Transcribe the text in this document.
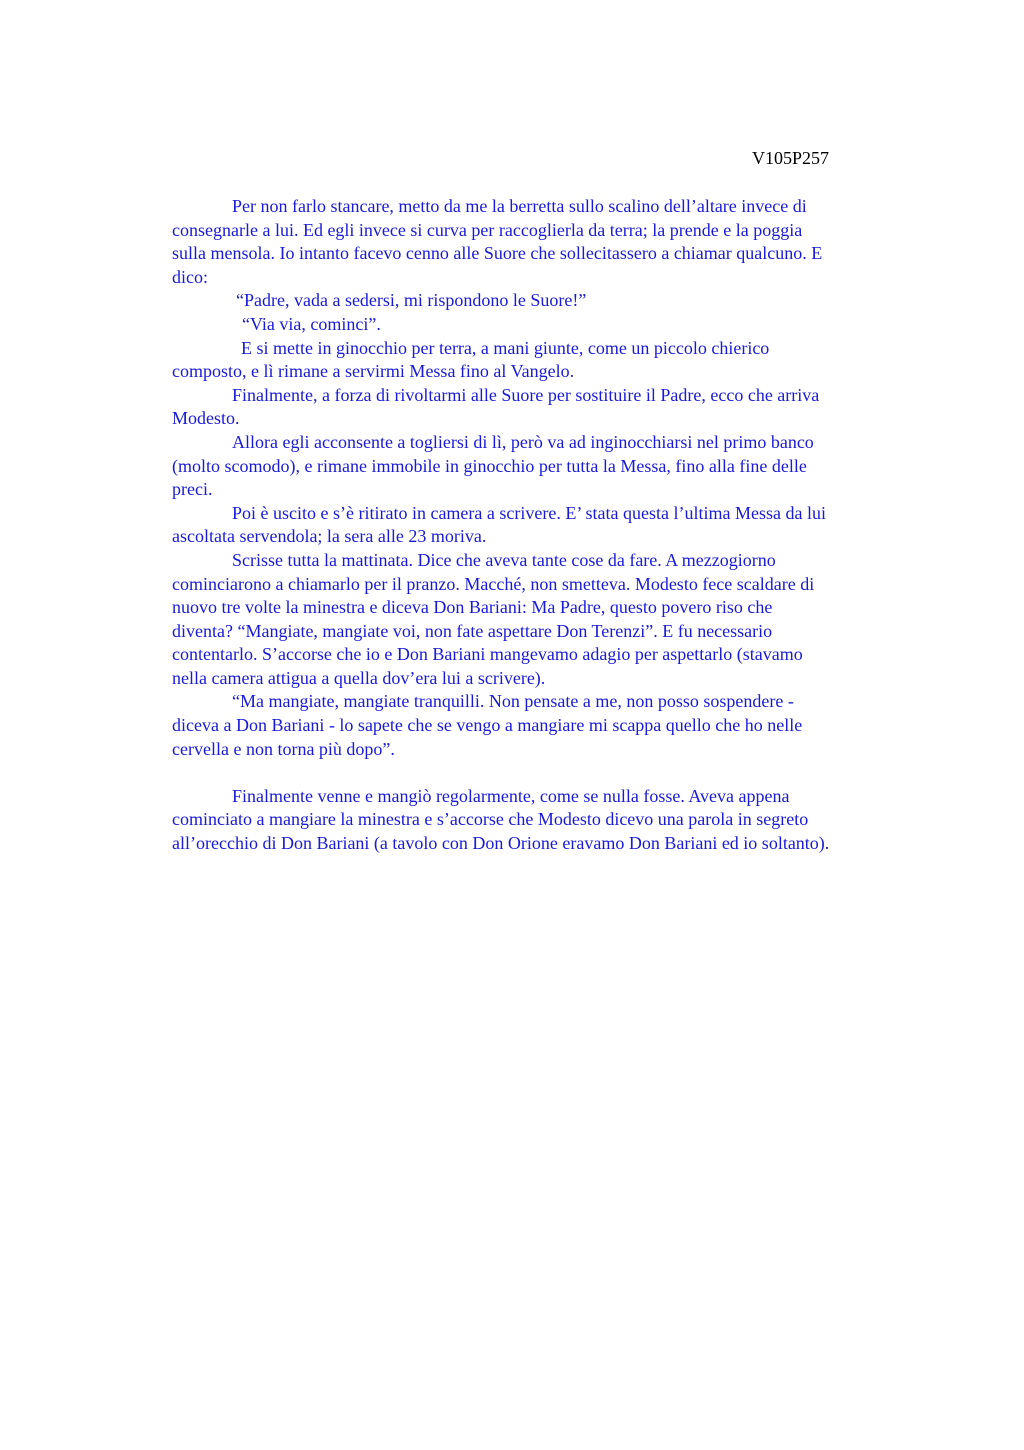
V105P257
Per non farlo stancare, metto da me la berretta sullo scalino dell’altare invece di
consegnarle a lui. Ed egli invece si curva per raccoglierla da terra; la prende e la poggia
sulla mensola. Io intanto facevo cenno alle Suore che sollecitassero a chiamar qualcuno. E
dico:
“Padre, vada a sedersi, mi rispondono le Suore!”
“Via via, cominci”.
E si mette in ginocchio per terra, a mani giunte, come un piccolo chierico
composto, e lì rimane a servirmi Messa fino al Vangelo.
Finalmente, a forza di rivoltarmi alle Suore per sostituire il Padre, ecco che arriva
Modesto.
Allora egli acconsente a togliersi di lì, però va ad inginocchiarsi nel primo banco
(molto scomodo), e rimane immobile in ginocchio per tutta la Messa, fino alla fine delle
preci.
Poi è uscito e s’è ritirato in camera a scrivere. E’ stata questa l’ultima Messa da lui
ascoltata servendola; la sera alle 23 moriva.
Scrisse tutta la mattinata. Dice che aveva tante cose da fare. A mezzogiorno
cominciarono a chiamarlo per il pranzo. Macché, non smetteva. Modesto fece scaldare di
nuovo tre volte la minestra e diceva Don Bariani: Ma Padre, questo povero riso che
diventa? “Mangiate, mangiate voi, non fate aspettare Don Terenzi”. E fu necessario
contentarlo. S’accorse che io e Don Bariani mangevamo adagio per aspettarlo (stavamo
nella camera attigua a quella dov’era lui a scrivere).
“Ma mangiate, mangiate tranquilli. Non pensate a me, non posso sospendere -
diceva a Don Bariani - lo sapete che se vengo a mangiare mi scappa quello che ho nelle
cervella e non torna più dopo”.
Finalmente venne e mangiò regolarmente, come se nulla fosse. Aveva appena
cominciato a mangiare la minestra e s’accorse che Modesto dicevo una parola in segreto
all’orecchio di Don Bariani (a tavolo con Don Orione eravamo Don Bariani ed io soltanto).
